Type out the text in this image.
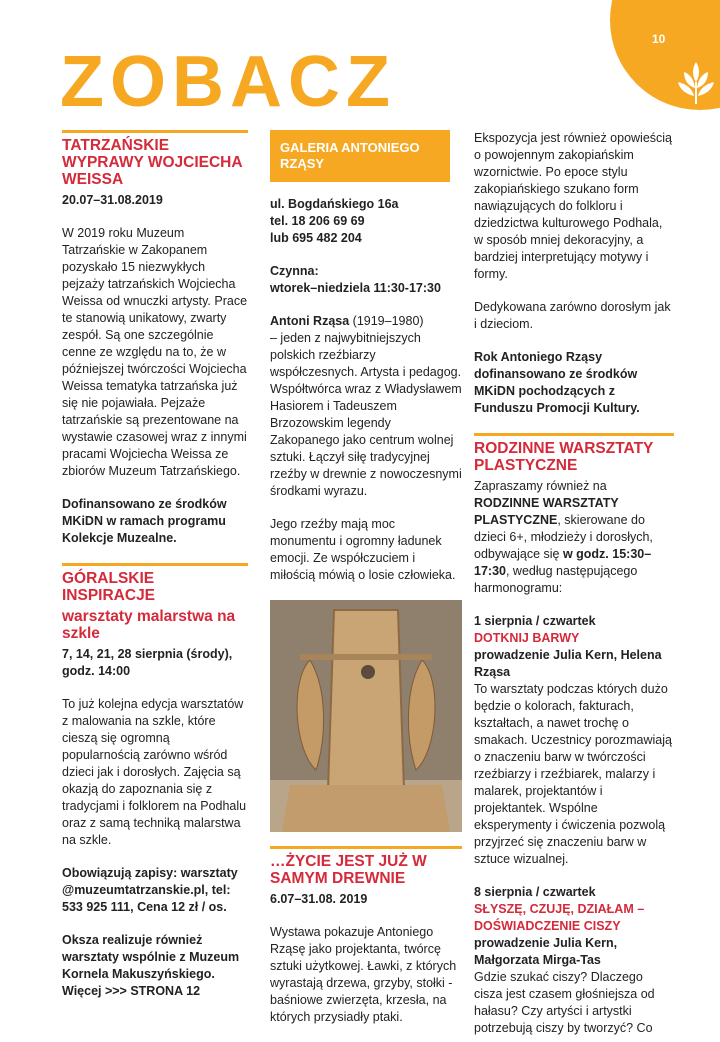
10
ZOBACZ
TATRZAŃSKIE WYPRAWY WOJCIECHA WEISSA

20.07–31.08.2019

W 2019 roku Muzeum Tatrzańskie w Zakopanem pozyskało 15 niezwykłych pejzaży tatrzańskich Wojciecha Weissa od wnuczki artysty. Prace te stanowią unikatowy, zwarty zespół. Są one szczególnie cenne ze względu na to, że w późniejszej twórczości Wojciecha Weissa tematyka tatrzańska już się nie pojawiała. Pejzaże tatrzańskie są prezentowane na wystawie czasowej wraz z innymi pracami Wojciecha Weissa ze zbiorów Muzeum Tatrzańskiego.

Dofinansowano ze środków MKiDN w ramach programu Kolekcje Muzealne.

GÓRALSKIE INSPIRACJE
warsztaty malarstwa na szkle

7, 14, 21, 28 sierpnia (środy), godz. 14:00

To już kolejna edycja warsztatów z malowania na szkle, które cieszą się ogromną popularnością zarówno wśród dzieci jak i dorosłych. Zajęcia są okazją do zapoznania się z tradycjami i folklorem na Podhalu oraz z samą techniką malarstwa na szkle.

Obowiązują zapisy: warsztaty @muzeumtatrzanskie.pl, tel: 533 925 111, Cena 12 zł / os.

Oksza realizuje również warsztaty wspólnie z Muzeum Kornela Makuszyńskiego.

Więcej >>> STRONA 12
GALERIA ANTONIEGO RZĄSY
ul. Bogdańskiego 16a
tel. 18 206 69 69

lub 695 482 204

Czynna:

wtorek–niedziela 11:30-17:30

Antoni Rząsa (1919–1980)
– jeden z najwybitniejszych polskich rzeźbiarzy współczesnych. Artysta i pedagog. Współtwórca wraz z Władysławem Hasiorem i Tadeuszem Brzozowskim legendy Zakopanego jako centrum wolnej sztuki. Łączył siłę tradycyjnej rzeźby w drewnie z nowoczesnymi środkami wyrazu.

Jego rzeźby mają moc monumentu i ogromny ładunek emocji. Ze współczuciem i miłością mówią o losie człowieka.

…ŻYCIE JEST JUŻ W SAMYM DREWNIE

6.07–31.08. 2019

Wystawa pokazuje Antoniego Rząsę jako projektanta, twórcę sztuki użytkowej. Ławki, z których wyrastają drzewa, grzyby, stołki - baśniowe zwierzęta, krzesła, na których przysiadły ptaki.

Ekspozycja jest również opowieścią o powojennym zakopiańskim wzornictwie. Po epoce stylu zakopiańskiego szukano form nawiązujących do folkloru i dziedzictwa kulturowego Podhala, w sposób mniej dekoracyjny, a bardziej interpretujący motywy i formy.

Dedykowana zarówno dorosłym jak i dzieciom.

Rok Antoniego Rząsy dofinansowano ze środków MKiDN pochodzących z Funduszu Promocji Kultury.

RODZINNE WARSZTATY PLASTYCZNE

Zapraszamy również na RODZINNE WARSZTATY PLASTYCZNE, skierowane do dzieci 6+, młodzieży i dorosłych, odbywające się w godz. 15:30–17:30, według następującego harmonogramu:

1 sierpnia / czwartek
DOTKNIJ BARWY
prowadzenie Julia Kern, Helena Rząsa

To warsztaty podczas których dużo będzie o kolorach, fakturach, kształtach, a nawet trochę o smakach. Uczestnicy porozmawiają o znaczeniu barw w twórczości rzeźbiarzy i rzeźbiarek, malarzy i malarek, projektantów i projektantek. Wspólne eksperymenty i ćwiczenia pozwolą przyjrzeć się znaczeniu barw w sztuce wizualnej.

8 sierpnia / czwartek
SŁYSZĘ, CZUJĘ, DZIAŁAM – DOŚWIADCZENIE CISZY
prowadzenie Julia Kern, Małgorzata Mirga-Tas
Gdzie szukać ciszy? Dlaczego cisza jest czasem głośniejsza od hałasu? Czy artyści i artystki potrzebują ciszy by tworzyć? Co
